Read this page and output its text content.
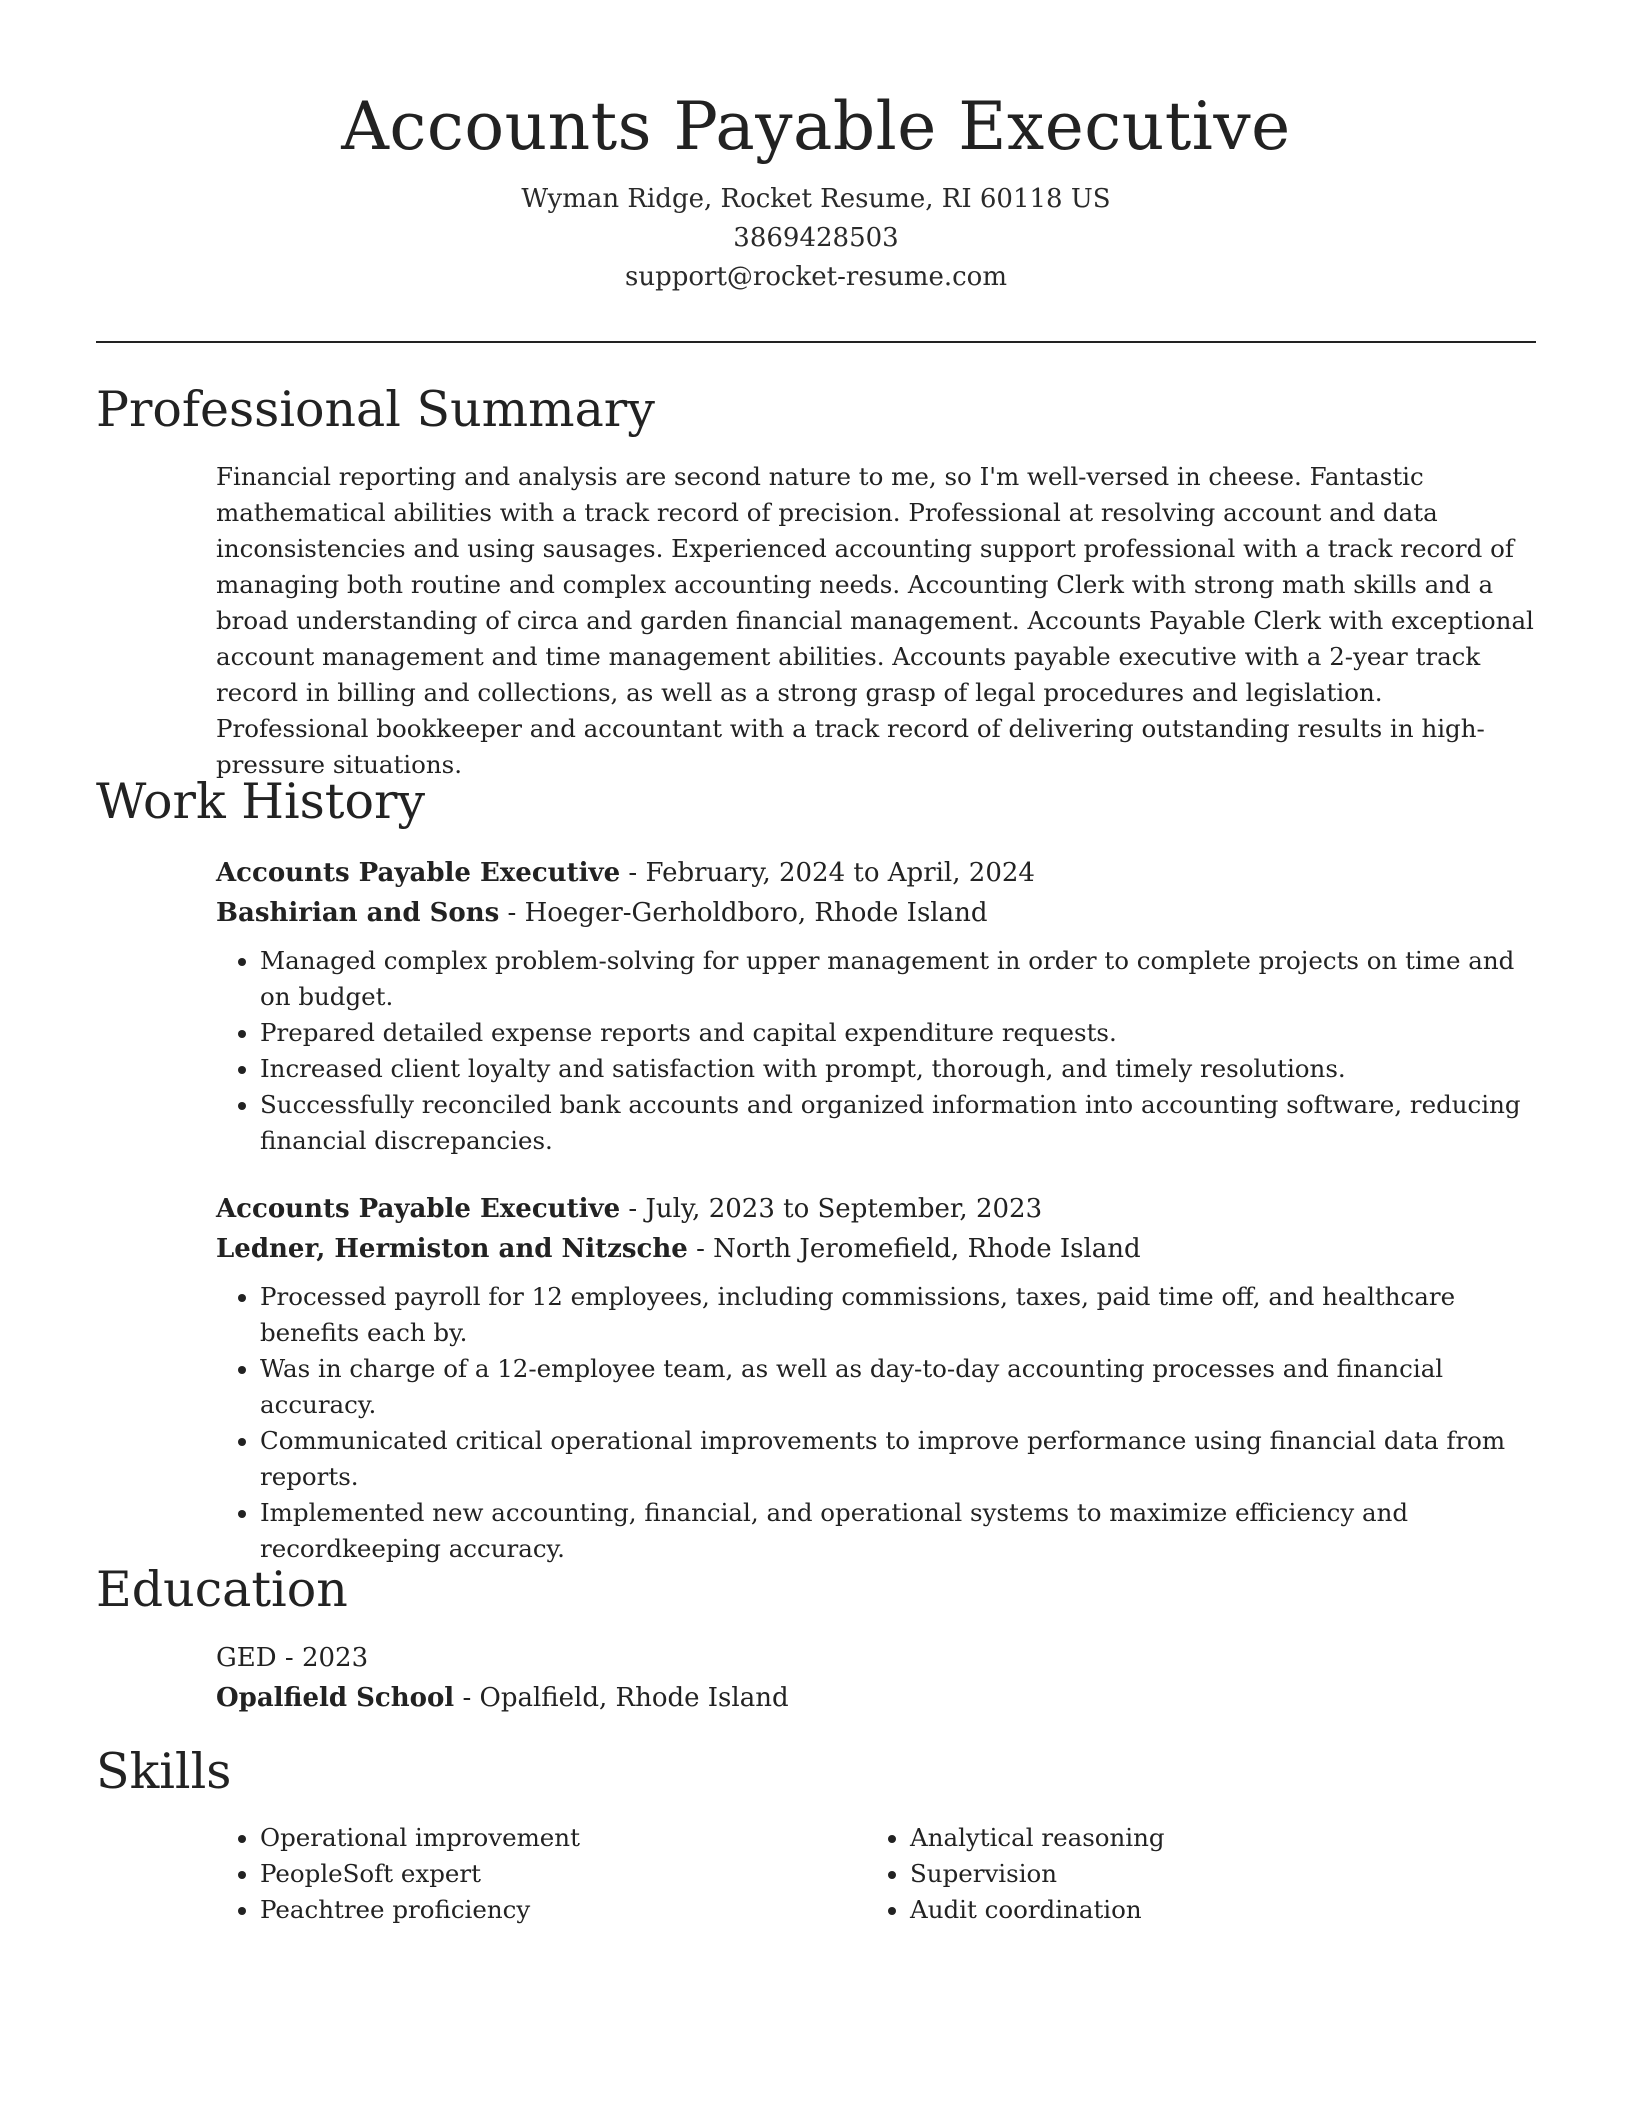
Accounts Payable Executive
Wyman Ridge, Rocket Resume, RI 60118 US
3869428503
support@rocket-resume.com
Professional Summary

Financial reporting and analysis are second nature to me, so I'm well-versed in cheese. Fantastic mathematical abilities with a track record of precision. Professional at resolving account and data inconsistencies and using sausages. Experienced accounting support professional with a track record of managing both routine and complex accounting needs. Accounting Clerk with strong math skills and a broad understanding of circa and garden financial management. Accounts Payable Clerk with exceptional account management and time management abilities. Accounts payable executive with a 2-year track record in billing and collections, as well as a strong grasp of legal procedures and legislation. Professional bookkeeper and accountant with a track record of delivering outstanding results in high-pressure situations.

Work History

Accounts Payable Executive - February, 2024 to April, 2024

Bashirian and Sons - Hoeger-Gerholdboro, Rhode Island

• Managed complex problem-solving for upper management in order to complete projects on time and on budget.
• Prepared detailed expense reports and capital expenditure requests.
• Increased client loyalty and satisfaction with prompt, thorough, and timely resolutions.
• Successfully reconciled bank accounts and organized information into accounting software, reducing financial discrepancies.

Accounts Payable Executive - July, 2023 to September, 2023

Ledner, Hermiston and Nitzsche - North Jeromefield, Rhode Island

• Processed payroll for 12 employees, including commissions, taxes, paid time off, and healthcare benefits each by.
• Was in charge of a 12-employee team, as well as day-to-day accounting processes and financial accuracy.
• Communicated critical operational improvements to improve performance using financial data from reports.
• Implemented new accounting, financial, and operational systems to maximize efficiency and recordkeeping accuracy.
Education

GED - 2023

Opalfield School - Opalfield, Rhode Island

Skills
• Operational improvement
• PeopleSoft expert
• Peachtree proficiency
• Analytical reasoning
• Supervision
• Audit coordination
